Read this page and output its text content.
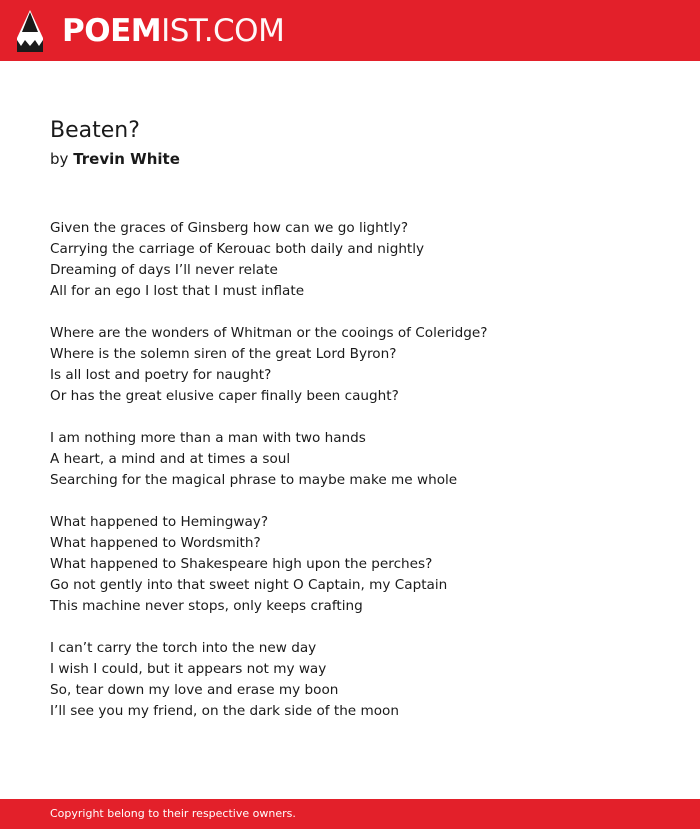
POEMIST.COM
Beaten?
by Trevin White
Given the graces of Ginsberg how can we go lightly?
Carrying the carriage of Kerouac both daily and nightly
Dreaming of days I’ll never relate
All for an ego I lost that I must inflate
Where are the wonders of Whitman or the cooings of Coleridge?
Where is the solemn siren of the great Lord Byron?
Is all lost and poetry for naught?
Or has the great elusive caper finally been caught?
I am nothing more than a man with two hands
A heart, a mind and at times a soul
Searching for the magical phrase to maybe make me whole
What happened to Hemingway?
What happened to Wordsmith?
What happened to Shakespeare high upon the perches?
Go not gently into that sweet night O Captain, my Captain
This machine never stops, only keeps crafting
I can’t carry the torch into the new day
I wish I could, but it appears not my way
So, tear down my love and erase my boon
I’ll see you my friend, on the dark side of the moon
Copyright belong to their respective owners.
